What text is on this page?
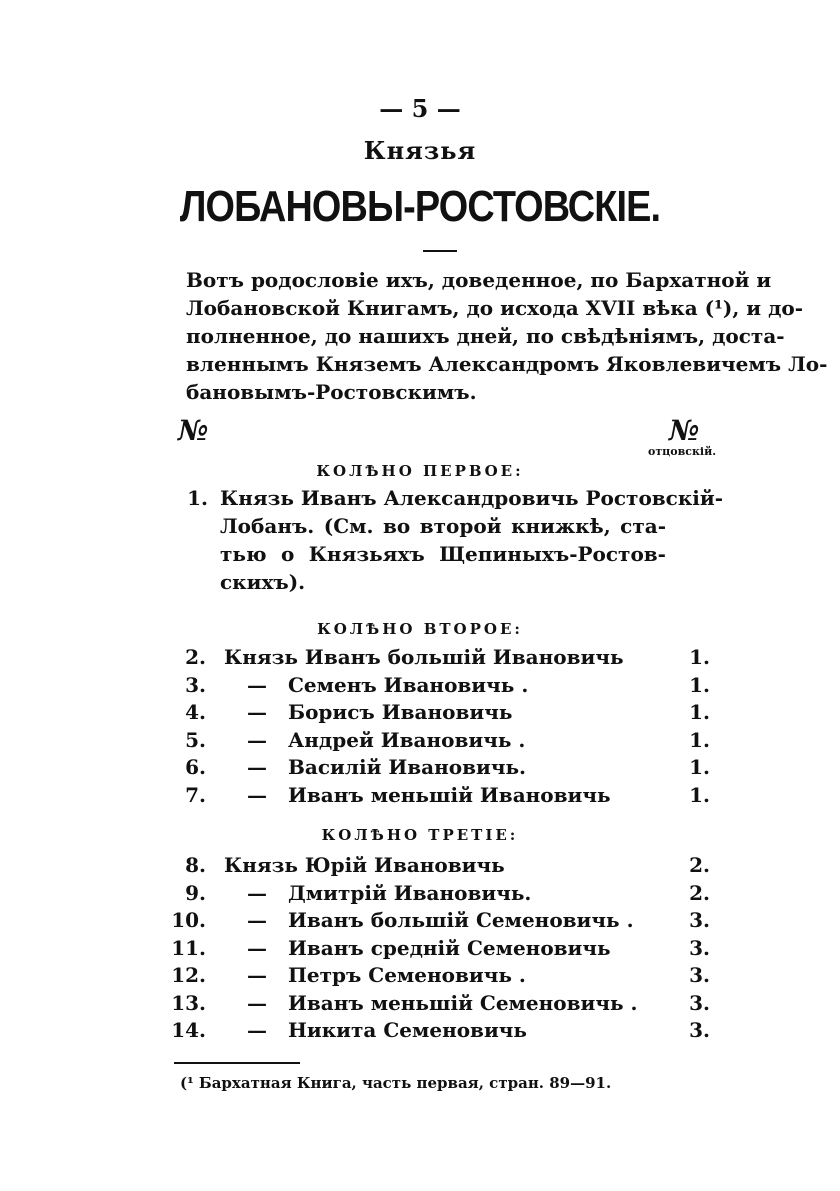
— 5 —
Князья
ЛОБАНОВЫ-РОСТОВСКІЕ.
Вотъ родословіе ихъ, доведенное, по Бархатной и
Лобановской Книгамъ, до исхода XVII вѣка (¹), и до-
полненное, до нашихъ дней, по свѣдѣніямъ, доста-
вленнымъ Княземъ Александромъ Яковлевичемъ Ло-
бановымъ-Ростовскимъ.
№	№
отцовскій.
КОЛѢНО ПЕРВОЕ:
1. Князь Иванъ Александровичь Ростовскій-
Лобанъ. (См. во второй книжкѣ, ста-
тью о Князьяхъ Щепиныхъ-Ростов-
скихъ).
КОЛѢНО ВТОРОЕ:
2. Князь Иванъ большій Ивановичь	1.
3.	—	Семенъ Ивановичь .	1.
4.	—	Борисъ Ивановичь	1.
5.	—	Андрей Ивановичь .	1.
6.	—	Василій Ивановичь.	1.
7.	—	Иванъ меньшій Ивановичь	1.
КОЛѢНО ТРЕТІЕ:
8. Князь Юрій Ивановичь	2.
9.	—	Дмитрій Ивановичь.	2.
10.	—	Иванъ большій Семеновичь .	3.
11.	—	Иванъ средній Семеновичь	3.
12.	—	Петръ Семеновичь .	3.
13.	—	Иванъ меньшій Семеновичь .	3.
14.	—	Никита Семеновичь	3.
(¹ Бархатная Книга, часть первая, стран. 89—91.
